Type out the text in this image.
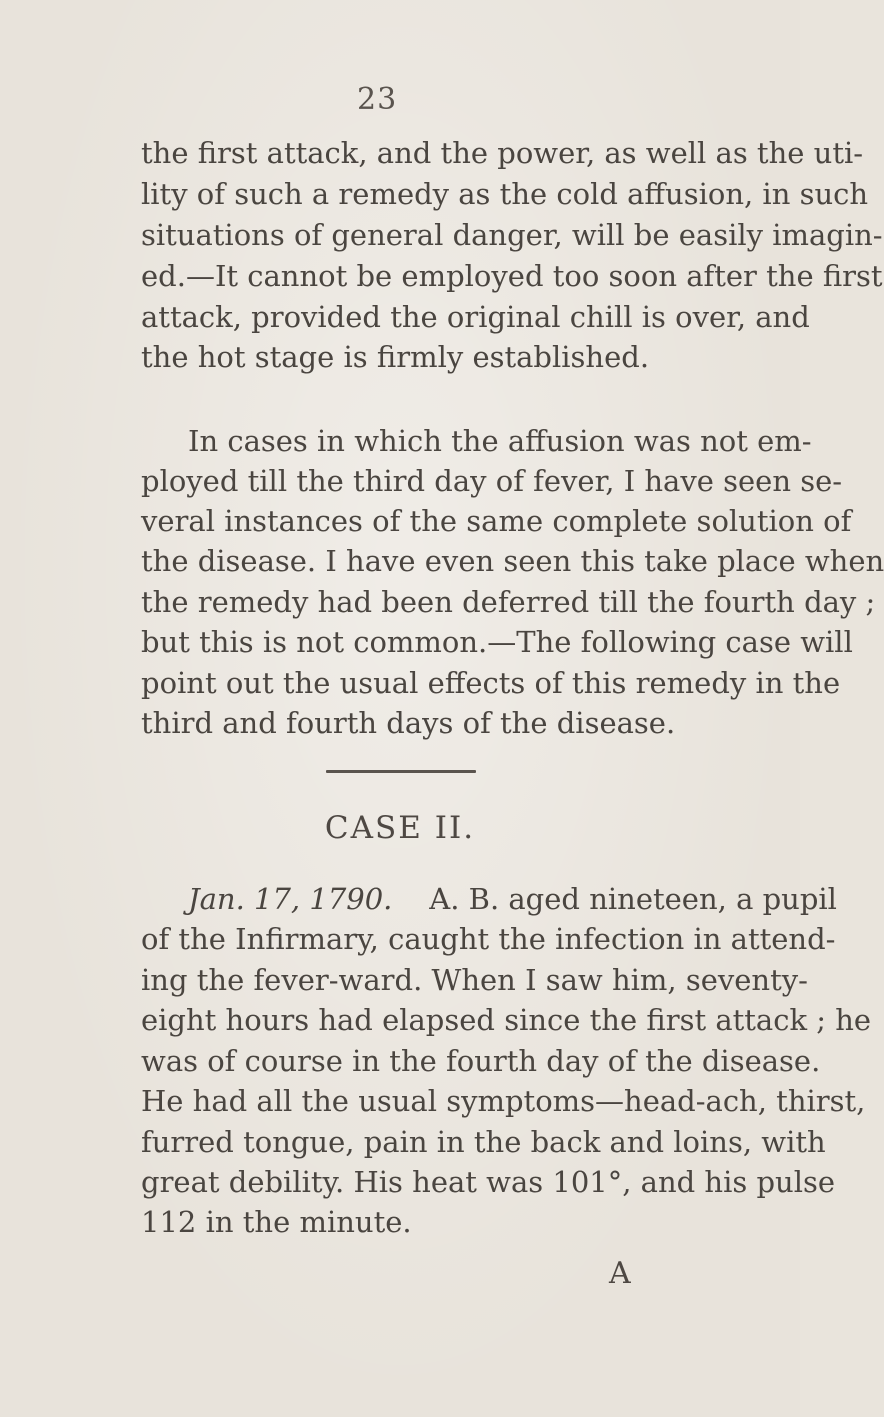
23
the first attack, and the power, as well as the uti-
lity of such a remedy as the cold affusion, in such
situations of general danger, will be easily imagin-
ed.—It cannot be employed too soon after the first
attack, provided the original chill is over, and
the hot stage is firmly established.
In cases in which the affusion was not em-
ployed till the third day of fever, I have seen se-
veral instances of the same complete solution of
the disease. I have even seen this take place when
the remedy had been deferred till the fourth day ;
but this is not common.—The following case will
point out the usual effects of this remedy in the
third and fourth days of the disease.
CASE II.
Jan. 17, 1790. A. B. aged nineteen, a pupil
of the Infirmary, caught the infection in attend-
ing the fever-ward. When I saw him, seventy-
eight hours had elapsed since the first attack ; he
was of course in the fourth day of the disease.
He had all the usual symptoms—head-ach, thirst,
furred tongue, pain in the back and loins, with
great debility. His heat was 101°, and his pulse
112 in the minute.
A
